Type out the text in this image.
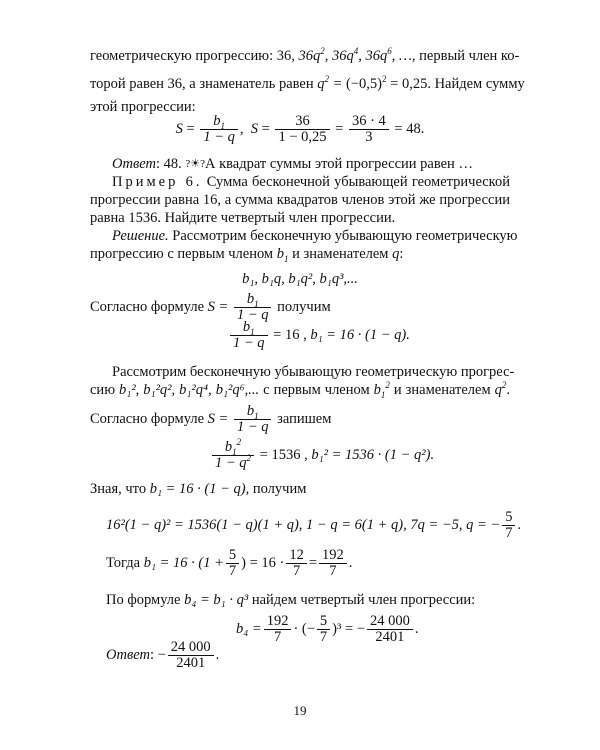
геометрическую прогрессию: 36, $36q^2$, $36q^4$, $36q^6$, …, первый член ко-
торой равен 36, а знаменатель равен $q^2 = (-0,5)^2 = 0,25$. Найдем сумму
этой прогрессии:
$S = \frac{b_1}{1 - q}$ ,  $S = \frac{36}{1 - 0,25} = \frac{36 \cdot 4}{3} = 48$.
Ответ: 48. ?☀?А квадрат суммы этой прогрессии равен …
Пример 6. Сумма бесконечной убывающей геометрической
прогрессии равна 16, а сумма квадратов членов этой же прогрессии
равна 1536. Найдите четвертый член прогрессии.
Решение. Рассмотрим бесконечную убывающую геометрическую
прогрессию с первым членом $b_1$ и знаменателем q:
b₁, b₁q, b₁q², b₁q³,...
Согласно формуле $S = \frac{b_1}{1 - q}$ получим
$\frac{b_1}{1 - q} = 16$ , b₁ = 16 · (1 − q).
Рассмотрим бесконечную убывающую геометрическую прогрес-
сию b₁², b₁²q², b₁²q⁴, b₁²q⁶,... с первым членом $b_1^2$ и знаменателем $q^2$.
Согласно формуле $S = \frac{b_1}{1 - q}$ запишем
$\frac{b_1^2}{1 - q^2} = 1536$ , b₁² = 1536 · (1 − q²).
Зная, что b₁ = 16 · (1 − q), получим
16²(1 − q)² = 1536(1 − q)(1 + q), 1 − q = 6(1 + q), 7q = −5, q = − $\frac{5}{7}$ .
Тогда $b_1 = 16 \cdot (1 + \frac{5}{7}$ ) = $16 \cdot \frac{12}{7} = \frac{192}{7}$ .
По формуле b₄ = b₁ · q³ найдем четвертый член прогрессии:
$b_4 = \frac{192}{7}$ · (− $\frac{5}{7} )^3$ = − $\frac{24 000}{2401}$ .
Ответ: − $\frac{24 000}{2401}$ .
19
